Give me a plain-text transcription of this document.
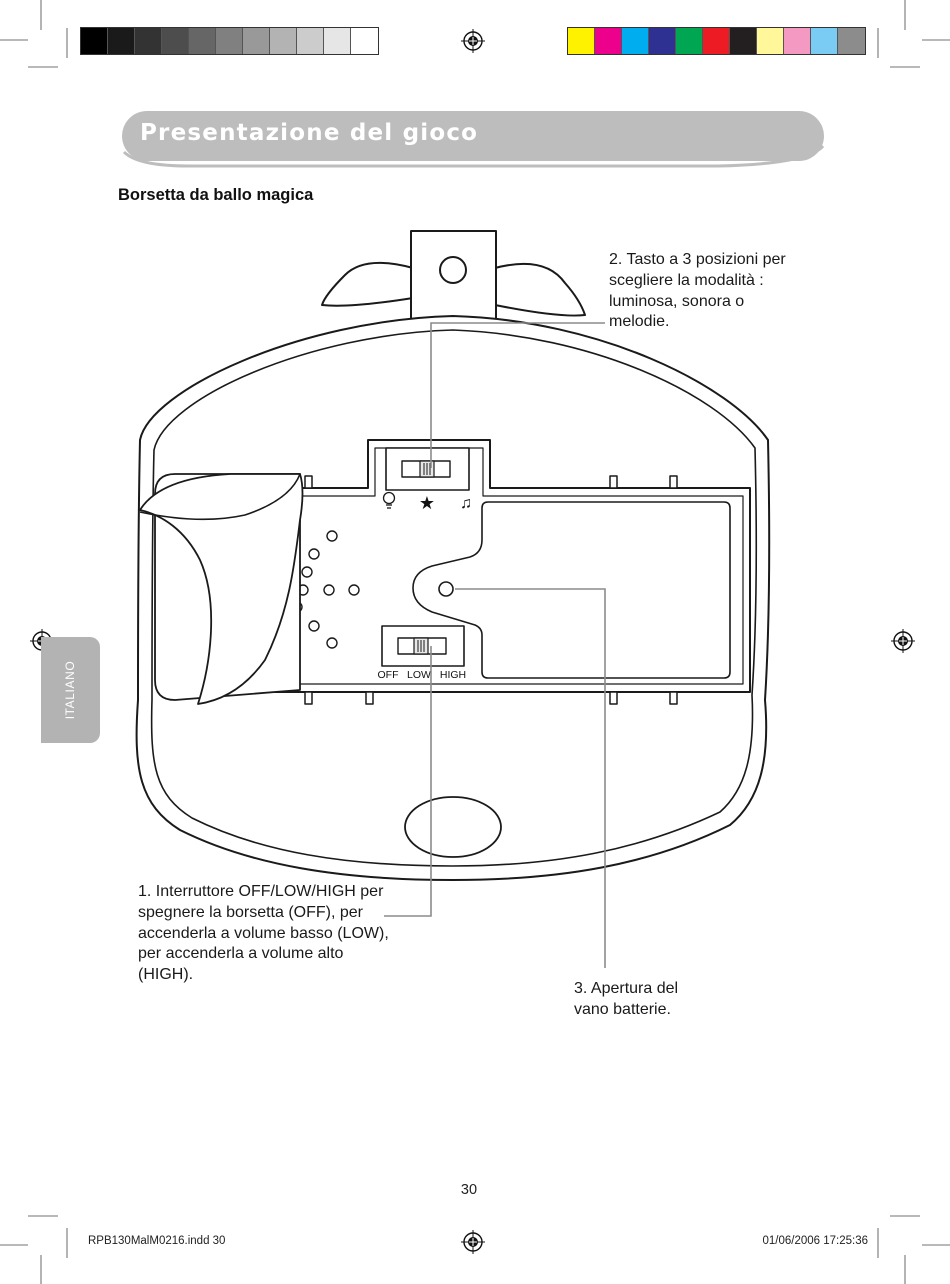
Presentazione del gioco
Borsetta da ballo magica
ITALIANO
★ ♫
OFF LOW HIGH
2. Tasto a 3 posizioni per
scegliere la modalità :
luminosa, sonora o
melodie.
1. Interruttore OFF/LOW/HIGH per
spegnere la borsetta (OFF), per
accenderla a volume basso (LOW),
per accenderla a volume alto
(HIGH).
3. Apertura del
vano batterie.
30
RPB130MalM0216.indd 30	01/06/2006 17:25:36
